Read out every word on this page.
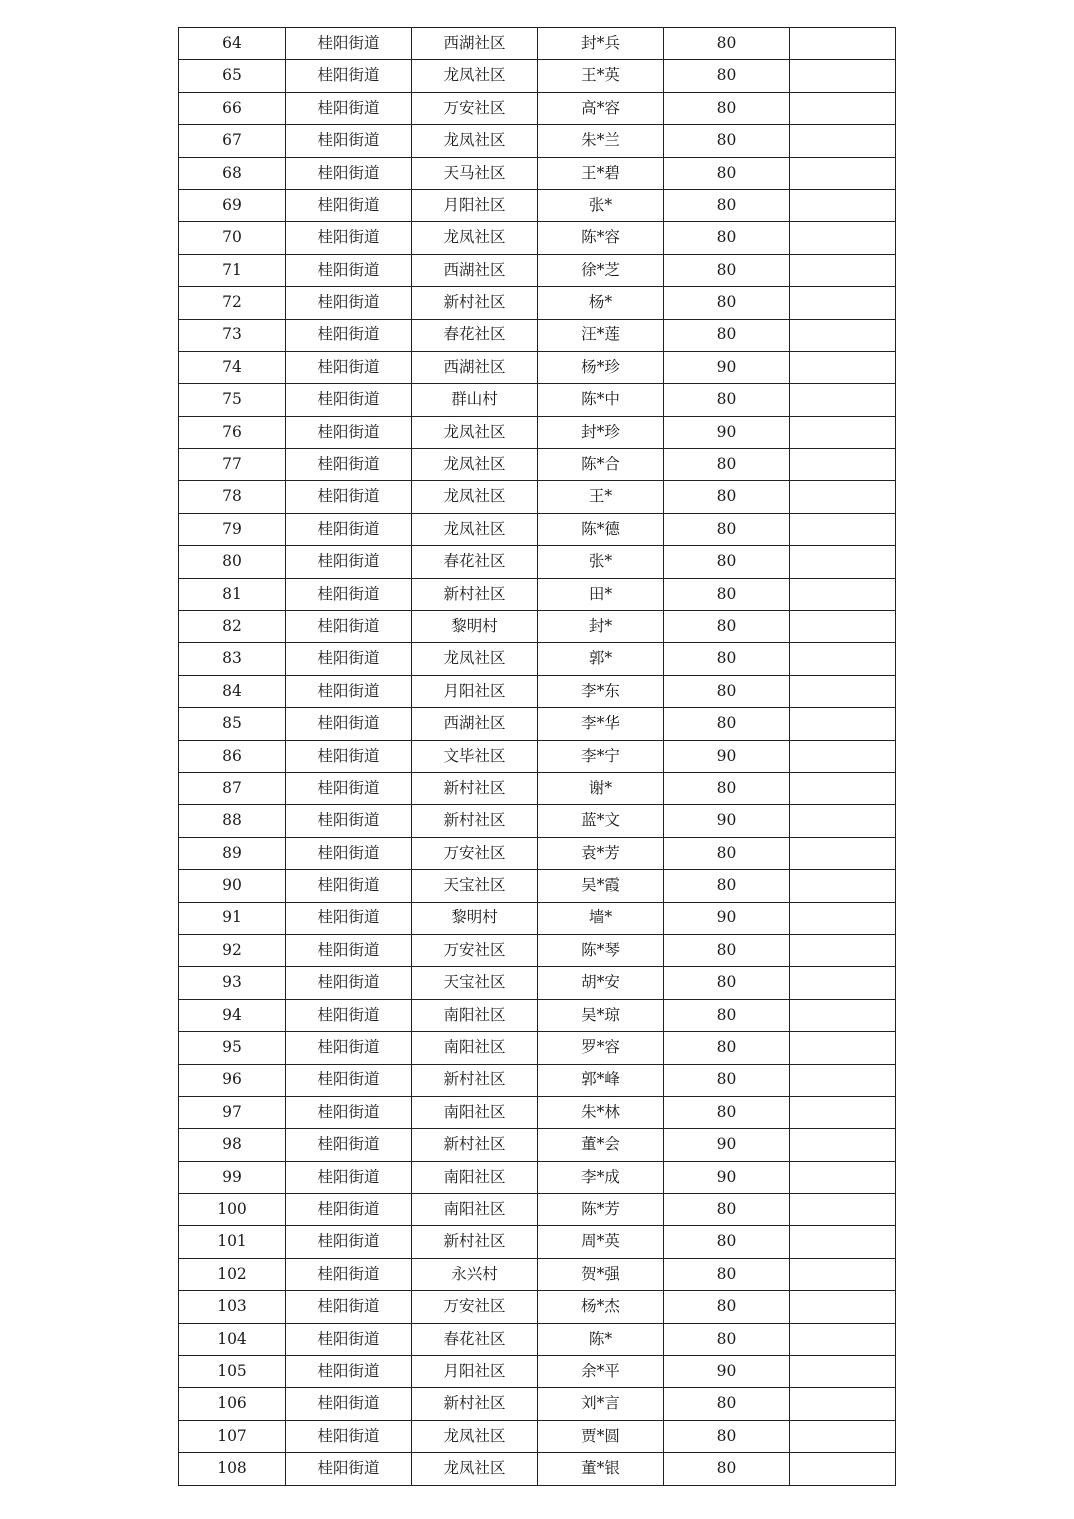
64	桂阳街道	西湖社区	封*兵	80	
65	桂阳街道	龙凤社区	王*英	80	
66	桂阳街道	万安社区	高*容	80	
67	桂阳街道	龙凤社区	朱*兰	80	
68	桂阳街道	天马社区	王*碧	80	
69	桂阳街道	月阳社区	张*	80	
70	桂阳街道	龙凤社区	陈*容	80	
71	桂阳街道	西湖社区	徐*芝	80	
72	桂阳街道	新村社区	杨*	80	
73	桂阳街道	春花社区	汪*莲	80	
74	桂阳街道	西湖社区	杨*珍	90	
75	桂阳街道	群山村	陈*中	80	
76	桂阳街道	龙凤社区	封*珍	90	
77	桂阳街道	龙凤社区	陈*合	80	
78	桂阳街道	龙凤社区	王*	80	
79	桂阳街道	龙凤社区	陈*德	80	
80	桂阳街道	春花社区	张*	80	
81	桂阳街道	新村社区	田*	80	
82	桂阳街道	黎明村	封*	80	
83	桂阳街道	龙凤社区	郭*	80	
84	桂阳街道	月阳社区	李*东	80	
85	桂阳街道	西湖社区	李*华	80	
86	桂阳街道	文毕社区	李*宁	90	
87	桂阳街道	新村社区	谢*	80	
88	桂阳街道	新村社区	蓝*文	90	
89	桂阳街道	万安社区	袁*芳	80	
90	桂阳街道	天宝社区	吴*霞	80	
91	桂阳街道	黎明村	墙*	90	
92	桂阳街道	万安社区	陈*琴	80	
93	桂阳街道	天宝社区	胡*安	80	
94	桂阳街道	南阳社区	吴*琼	80	
95	桂阳街道	南阳社区	罗*容	80	
96	桂阳街道	新村社区	郭*峰	80	
97	桂阳街道	南阳社区	朱*林	80	
98	桂阳街道	新村社区	董*会	90	
99	桂阳街道	南阳社区	李*成	90	
100	桂阳街道	南阳社区	陈*芳	80	
101	桂阳街道	新村社区	周*英	80	
102	桂阳街道	永兴村	贺*强	80	
103	桂阳街道	万安社区	杨*杰	80	
104	桂阳街道	春花社区	陈*	80	
105	桂阳街道	月阳社区	余*平	90	
106	桂阳街道	新村社区	刘*言	80	
107	桂阳街道	龙凤社区	贾*圆	80	
108	桂阳街道	龙凤社区	董*银	80	
